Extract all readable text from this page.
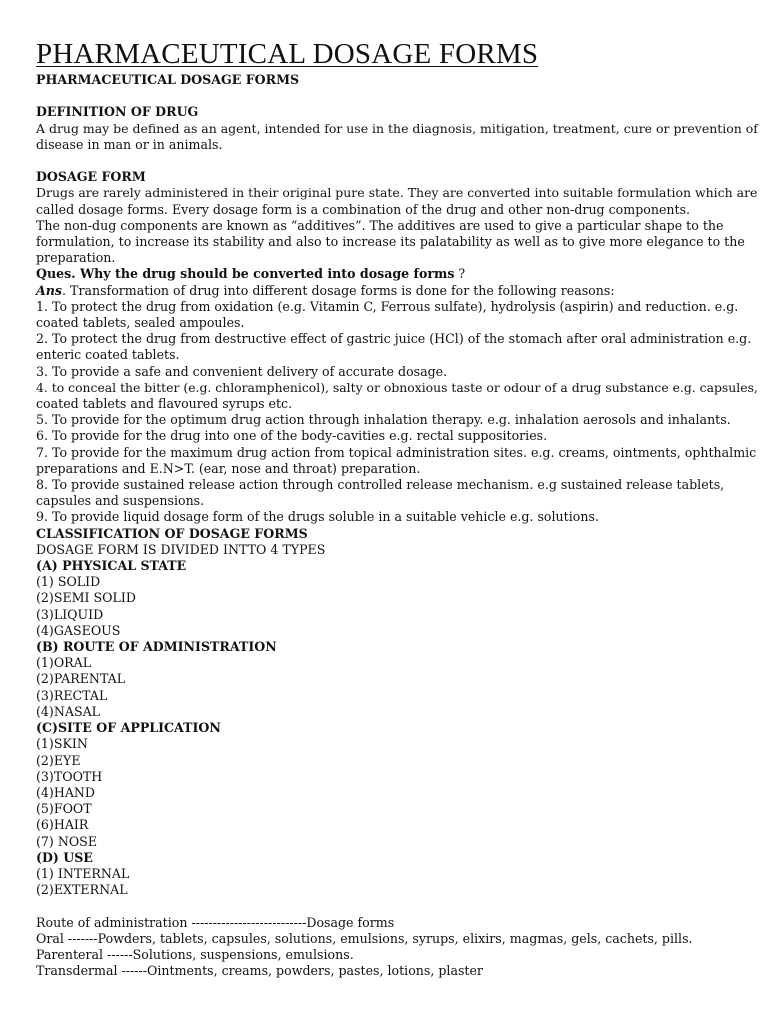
PHARMACEUTICAL DOSAGE FORMS
PHARMACEUTICAL DOSAGE FORMS
DEFINITION OF DRUG
A drug may be defined as an agent, intended for use in the diagnosis, mitigation, treatment, cure or prevention of
disease in man or in animals.
DOSAGE FORM
Drugs are rarely administered in their original pure state. They are converted into suitable formulation which are
called dosage forms. Every dosage form is a combination of the drug and other non-drug components.
The non-dug components are known as “additives”. The additives are used to give a particular shape to the
formulation, to increase its stability and also to increase its palatability as well as to give more elegance to the
preparation.
Ques. Why the drug should be converted into dosage forms ?
Ans. Transformation of drug into different dosage forms is done for the following reasons:
1. To protect the drug from oxidation (e.g. Vitamin C, Ferrous sulfate), hydrolysis (aspirin) and reduction. e.g.
coated tablets, sealed ampoules.
2. To protect the drug from destructive effect of gastric juice (HCl) of the stomach after oral administration e.g.
enteric coated tablets.
3. To provide a safe and convenient delivery of accurate dosage.
4. to conceal the bitter (e.g. chloramphenicol), salty or obnoxious taste or odour of a drug substance e.g. capsules,
coated tablets and flavoured syrups etc.
5. To provide for the optimum drug action through inhalation therapy. e.g. inhalation aerosols and inhalants.
6. To provide for the drug into one of the body-cavities e.g. rectal suppositories.
7. To provide for the maximum drug action from topical administration sites. e.g. creams, ointments, ophthalmic
preparations and E.N>T. (ear, nose and throat) preparation.
8. To provide sustained release action through controlled release mechanism. e.g sustained release tablets,
capsules and suspensions.
9. To provide liquid dosage form of the drugs soluble in a suitable vehicle e.g. solutions.
CLASSIFICATION OF DOSAGE FORMS
DOSAGE FORM IS DIVIDED INTTO 4 TYPES
(A) PHYSICAL STATE
(1) SOLID
(2)SEMI SOLID
(3)LIQUID
(4)GASEOUS
(B) ROUTE OF ADMINISTRATION
(1)ORAL
(2)PARENTAL
(3)RECTAL
(4)NASAL
(C)SITE OF APPLICATION
(1)SKIN
(2)EYE
(3)TOOTH
(4)HAND
(5)FOOT
(6)HAIR
(7) NOSE
(D) USE
(1) INTERNAL
(2)EXTERNAL
Route of administration ---------------------------Dosage forms
Oral -------Powders, tablets, capsules, solutions, emulsions, syrups, elixirs, magmas, gels, cachets, pills.
Parenteral ------Solutions, suspensions, emulsions.
Transdermal ------Ointments, creams, powders, pastes, lotions, plaster
